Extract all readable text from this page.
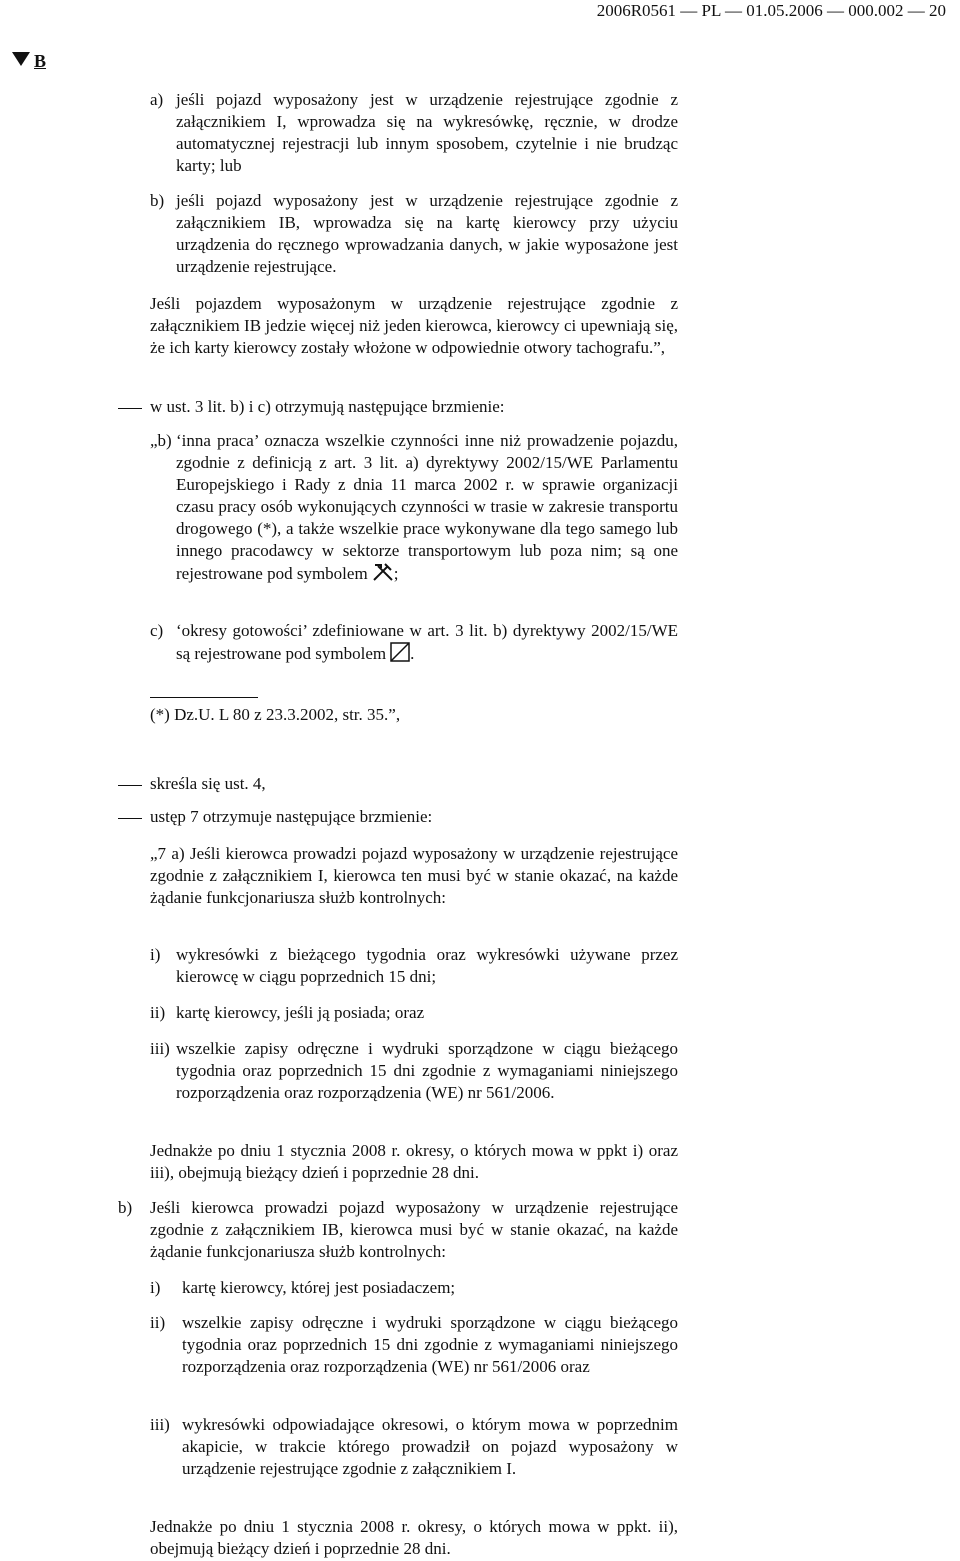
2006R0561 — PL — 01.05.2006 — 000.002 — 20
B
a) jeśli pojazd wyposażony jest w urządzenie rejestrujące zgodnie z załącznikiem I, wprowadza się na wykresówkę, ręcznie, w drodze automatycznej rejestracji lub innym sposobem, czytelnie i nie brudząc karty; lub
b) jeśli pojazd wyposażony jest w urządzenie rejestrujące zgodnie z załącznikiem IB, wprowadza się na kartę kierowcy przy użyciu urządzenia do ręcznego wprowadzania danych, w jakie wyposażone jest urządzenie rejestrujące.
Jeśli pojazdem wyposażonym w urządzenie rejestrujące zgodnie z załącznikiem IB jedzie więcej niż jeden kierowca, kierowcy ci upewniają się, że ich karty kierowcy zostały włożone w odpowiednie otwory tachografu.”,
w ust. 3 lit. b) i c) otrzymują następujące brzmienie:
„b) ‘inna praca’ oznacza wszelkie czynności inne niż prowadzenie pojazdu, zgodnie z definicją z art. 3 lit. a) dyrektywy 2002/15/WE Parlamentu Europejskiego i Rady z dnia 11 marca 2002 r. w sprawie organizacji czasu pracy osób wykonujących czynności w trasie w zakresie transportu drogowego (*), a także wszelkie prace wykonywane dla tego samego lub innego pracodawcy w sektorze transportowym lub poza nim; są one rejestrowane pod symbolem ;
c) ‘okresy gotowości’ zdefiniowane w art. 3 lit. b) dyrektywy 2002/15/WE są rejestrowane pod symbolem .
(*) Dz.U. L 80 z 23.3.2002, str. 35.”,
skreśla się ust. 4,
ustęp 7 otrzymuje następujące brzmienie:
„7 a) Jeśli kierowca prowadzi pojazd wyposażony w urządzenie rejestrujące zgodnie z załącznikiem I, kierowca ten musi być w stanie okazać, na każde żądanie funkcjonariusza służb kontrolnych:
i) wykresówki z bieżącego tygodnia oraz wykresówki używane przez kierowcę w ciągu poprzednich 15 dni;
ii) kartę kierowcy, jeśli ją posiada; oraz
iii) wszelkie zapisy odręczne i wydruki sporządzone w ciągu bieżącego tygodnia oraz poprzednich 15 dni zgodnie z wymaganiami niniejszego rozporządzenia oraz rozporządzenia (WE) nr 561/2006.
Jednakże po dniu 1 stycznia 2008 r. okresy, o których mowa w ppkt i) oraz iii), obejmują bieżący dzień i poprzednie 28 dni.
b) Jeśli kierowca prowadzi pojazd wyposażony w urządzenie rejestrujące zgodnie z załącznikiem IB, kierowca musi być w stanie okazać, na każde żądanie funkcjonariusza służb kontrolnych:
i) kartę kierowcy, której jest posiadaczem;
ii) wszelkie zapisy odręczne i wydruki sporządzone w ciągu bieżącego tygodnia oraz poprzednich 15 dni zgodnie z wymaganiami niniejszego rozporządzenia oraz rozporządzenia (WE) nr 561/2006 oraz
iii) wykresówki odpowiadające okresowi, o którym mowa w poprzednim akapicie, w trakcie którego prowadził on pojazd wyposażony w urządzenie rejestrujące zgodnie z załącznikiem I.
Jednakże po dniu 1 stycznia 2008 r. okresy, o których mowa w ppkt. ii), obejmują bieżący dzień i poprzednie 28 dni.
